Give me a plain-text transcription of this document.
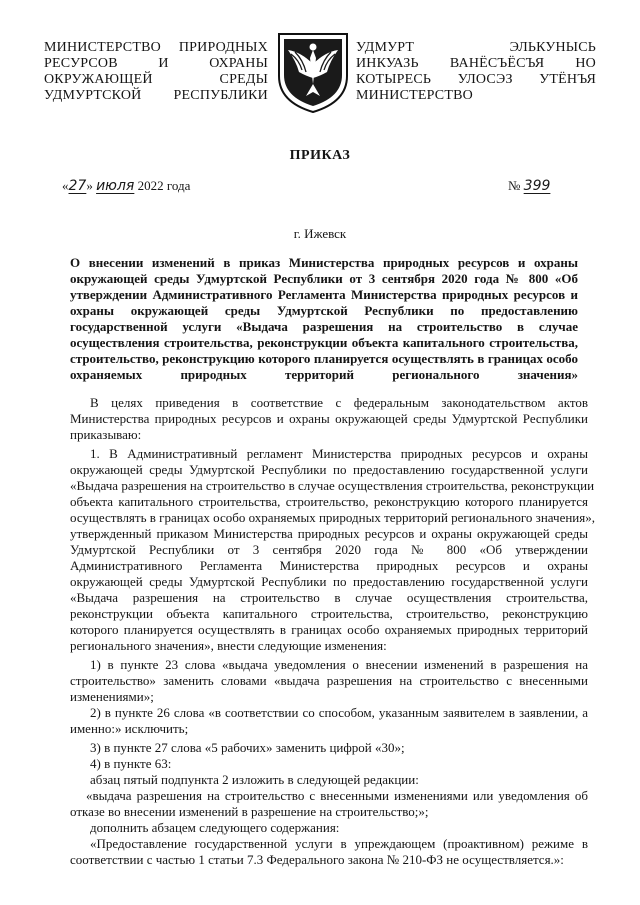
МИНИСТЕРСТВО ПРИРОДНЫХ
РЕСУРСОВ И ОХРАНЫ
ОКРУЖАЮЩЕЙ СРЕДЫ
УДМУРТСКОЙ РЕСПУБЛИКИ
УДМУРТ ЭЛЬКУНЫСЬ
ИНКУАЗЬ ВАНЁСЪЁСЪЯ НО
КОТЫРЕСЬ УЛОСЭЗ УТЁНЪЯ
МИНИСТЕРСТВО
ПРИКАЗ
«27» июля 2022 года	№ 399
г. Ижевск
О внесении изменений в приказ Министерства природных ресурсов и охраны
окружающей среды Удмуртской Республики от 3 сентября 2020 года № 800 «Об
утверждении Административного Регламента Министерства природных ресурсов и
охраны окружающей среды Удмуртской Республики по предоставлению
государственной услуги «Выдача разрешения на строительство в случае
осуществления строительства, реконструкции объекта капитального строительства,
строительство, реконструкцию которого планируется осуществлять в границах особо
охраняемых природных территорий регионального значения»
В целях приведения в соответствие с федеральным законодательством актов
Министерства природных ресурсов и охраны окружающей среды Удмуртской Республики
приказываю:
1. В Административный регламент Министерства природных ресурсов и охраны
окружающей среды Удмуртской Республики по предоставлению государственной услуги
«Выдача разрешения на строительство в случае осуществления строительства, реконструкции
объекта капитального строительства, строительство, реконструкцию которого планируется
осуществлять в границах особо охраняемых природных территорий регионального значения»,
утвержденный приказом Министерства природных ресурсов и охраны окружающей среды
Удмуртской Республики от 3 сентября 2020 года № 800 «Об утверждении
Административного Регламента Министерства природных ресурсов и охраны
окружающей среды Удмуртской Республики по предоставлению государственной услуги
«Выдача разрешения на строительство в случае осуществления строительства,
реконструкции объекта капитального строительства, строительство, реконструкцию
которого планируется осуществлять в границах особо охраняемых природных территорий
регионального значения», внести следующие изменения:
1) в пункте 23 слова «выдача уведомления о внесении изменений в разрешения на
строительство» заменить словами «выдача разрешения на строительство с внесенными
изменениями»;
2) в пункте 26 слова «в соответствии со способом, указанным заявителем в заявлении, а
именно:» исключить;
3) в пункте 27 слова «5 рабочих» заменить цифрой «30»;
4) в пункте 63:
абзац пятый подпункта 2 изложить в следующей редакции:
«выдача разрешения на строительство с внесенными изменениями или уведомления об
отказе во внесении изменений в разрешение на строительство;»;
дополнить абзацем следующего содержания:
«Предоставление государственной услуги в упреждающем (проактивном) режиме в
соответствии с частью 1 статьи 7.3 Федерального закона № 210-ФЗ не осуществляется.»:
